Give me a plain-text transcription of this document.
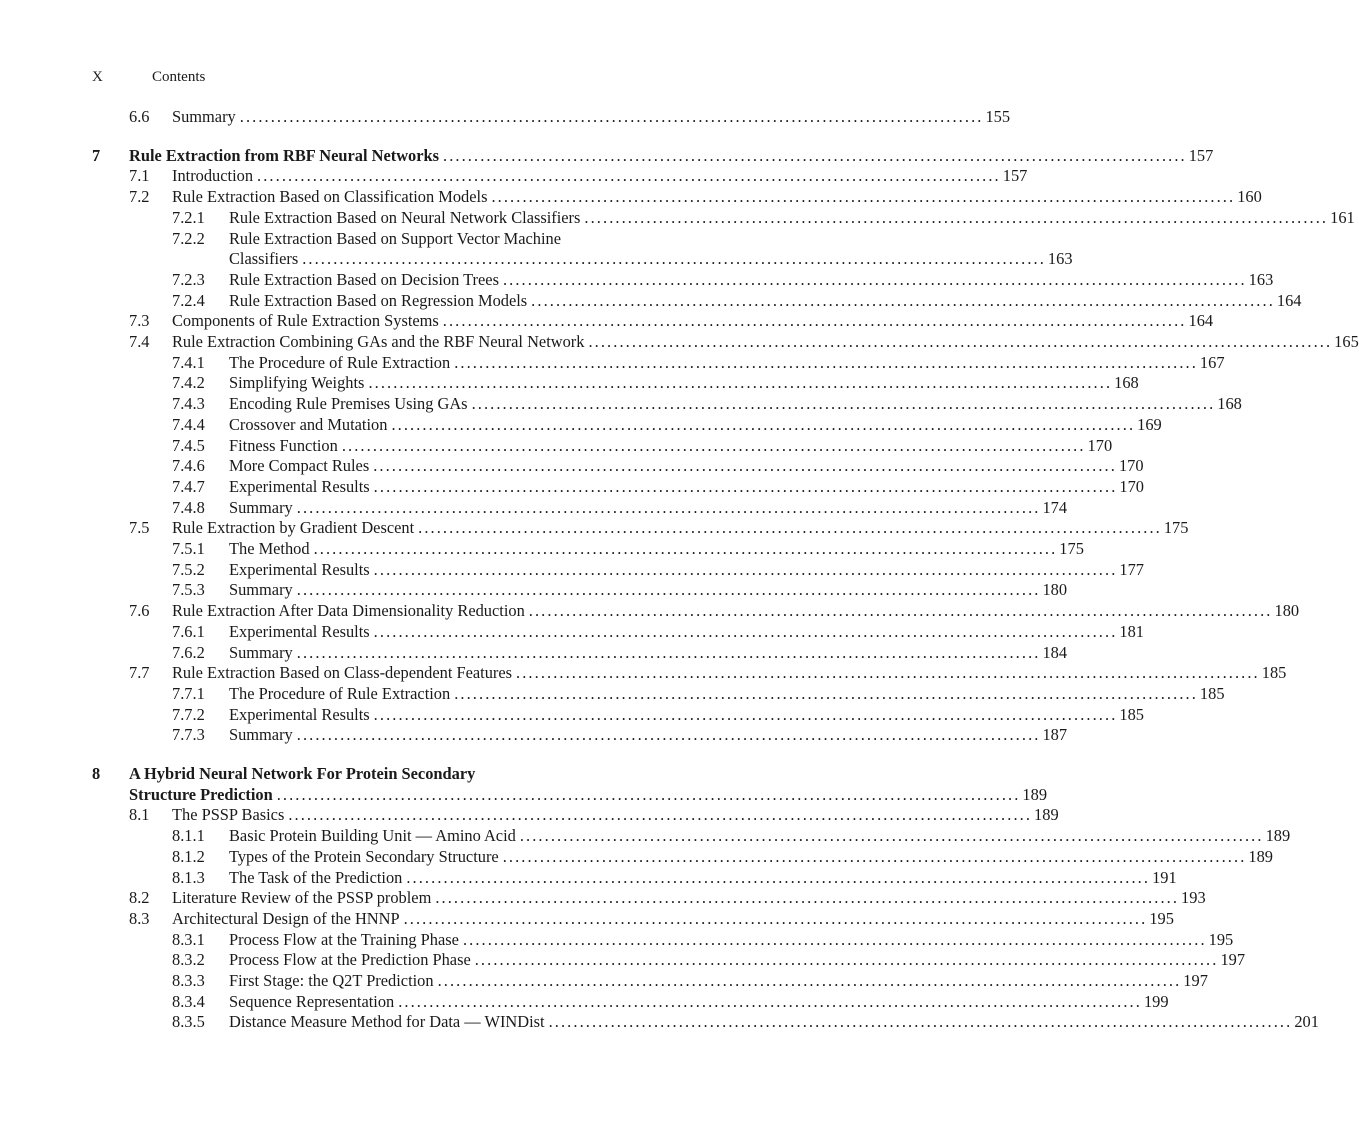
X	Contents
6.6 Summary ........................................................................................................................ 155
7 Rule Extraction from RBF Neural Networks ........................................................................................................................ 157
7.1 Introduction ........................................................................................................................ 157
7.2 Rule Extraction Based on Classification Models ........................................................................................................................ 160
7.2.1 Rule Extraction Based on Neural Network Classifiers ........................................................................................................................ 161
7.2.2 Rule Extraction Based on Support Vector Machine
Classifiers ........................................................................................................................ 163
7.2.3 Rule Extraction Based on Decision Trees ........................................................................................................................ 163
7.2.4 Rule Extraction Based on Regression Models ........................................................................................................................ 164
7.3 Components of Rule Extraction Systems ........................................................................................................................ 164
7.4 Rule Extraction Combining GAs and the RBF Neural Network ........................................................................................................................ 165
7.4.1 The Procedure of Rule Extraction ........................................................................................................................ 167
7.4.2 Simplifying Weights ........................................................................................................................ 168
7.4.3 Encoding Rule Premises Using GAs ........................................................................................................................ 168
7.4.4 Crossover and Mutation ........................................................................................................................ 169
7.4.5 Fitness Function ........................................................................................................................ 170
7.4.6 More Compact Rules ........................................................................................................................ 170
7.4.7 Experimental Results ........................................................................................................................ 170
7.4.8 Summary ........................................................................................................................ 174
7.5 Rule Extraction by Gradient Descent ........................................................................................................................ 175
7.5.1 The Method ........................................................................................................................ 175
7.5.2 Experimental Results ........................................................................................................................ 177
7.5.3 Summary ........................................................................................................................ 180
7.6 Rule Extraction After Data Dimensionality Reduction ........................................................................................................................ 180
7.6.1 Experimental Results ........................................................................................................................ 181
7.6.2 Summary ........................................................................................................................ 184
7.7 Rule Extraction Based on Class-dependent Features ........................................................................................................................ 185
7.7.1 The Procedure of Rule Extraction ........................................................................................................................ 185
7.7.2 Experimental Results ........................................................................................................................ 185
7.7.3 Summary ........................................................................................................................ 187
8 A Hybrid Neural Network For Protein Secondary
Structure Prediction ........................................................................................................................ 189
8.1 The PSSP Basics ........................................................................................................................ 189
8.1.1 Basic Protein Building Unit — Amino Acid ........................................................................................................................ 189
8.1.2 Types of the Protein Secondary Structure ........................................................................................................................ 189
8.1.3 The Task of the Prediction ........................................................................................................................ 191
8.2 Literature Review of the PSSP problem ........................................................................................................................ 193
8.3 Architectural Design of the HNNP ........................................................................................................................ 195
8.3.1 Process Flow at the Training Phase ........................................................................................................................ 195
8.3.2 Process Flow at the Prediction Phase ........................................................................................................................ 197
8.3.3 First Stage: the Q2T Prediction ........................................................................................................................ 197
8.3.4 Sequence Representation ........................................................................................................................ 199
8.3.5 Distance Measure Method for Data — WINDist ........................................................................................................................ 201
